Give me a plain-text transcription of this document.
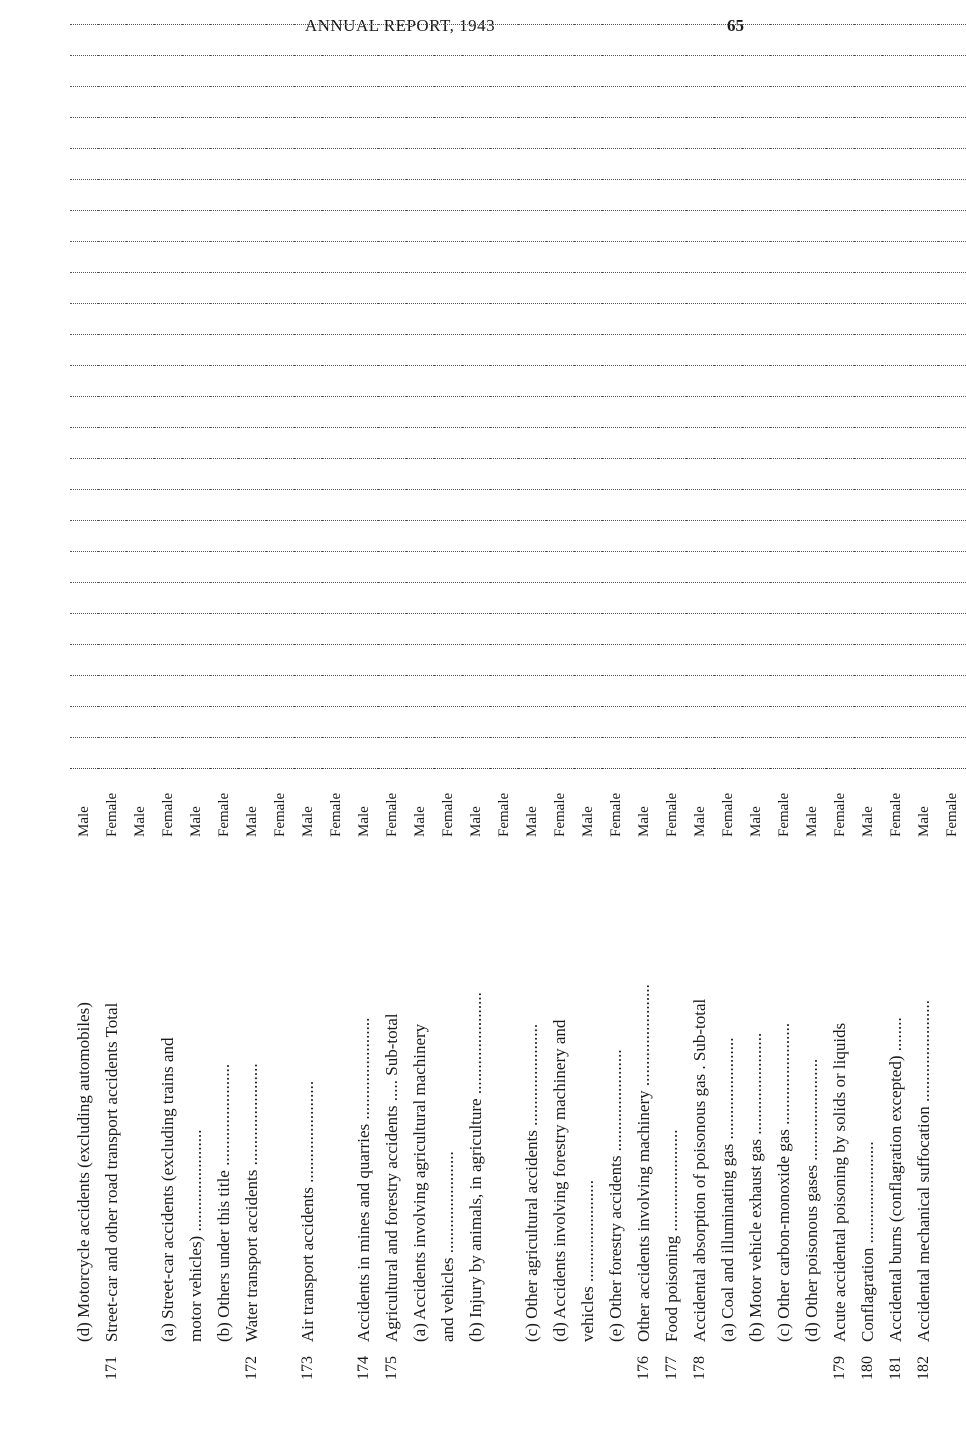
ANNUAL REPORT, 1943	65
	(d) Motorcycle accidents (excluding automobiles)	Male																								
171	Street-car and other road transport accidents Total	Female																								
		Male																								
	(a) Street-car accidents (excluding trains and	Female																								
	motor vehicles) ........................	Male																								
	(b) Others under this title ........................	Female																								
172	Water transport accidents ........................	Male																								
		Female																								
173	Air transport accidents ........................	Male																								
		Female																								
174	Accidents in mines and quarries ........................	Male																								
175	Agricultural and forestry accidents ..... Sub-total	Female																								
	(a) Accidents involving agricultural machinery	Male																								
	and vehicles ........................	Female																								
	(b) Injury by animals, in agriculture ........................	Male																								
		Female																								
	(c) Other agricultural accidents ........................	Male																								
	(d) Accidents involving forestry machinery and	Female																								
	vehicles ........................	Male																								
	(e) Other forestry accidents ........................	Female																								
176	Other accidents involving machinery ........................	Male																								
177	Food poisoning ........................	Female																								
178	Accidental absorption of poisonous gas . Sub-total	Male																								
	(a) Coal and illuminating gas ........................	Female																								
	(b) Motor vehicle exhaust gas ........................	Male																								
	(c) Other carbon-monoxide gas ........................	Female																								
	(d) Other poisonous gases ........................	Male																								
179	Acute accidental poisoning by solids or liquids	Female																								
180	Conflagration ........................	Male																								
181	Accidental burns (conflagration excepted) ........	Female																								
182	Accidental mechanical suffocation ........................	Male																								
		Female																								
